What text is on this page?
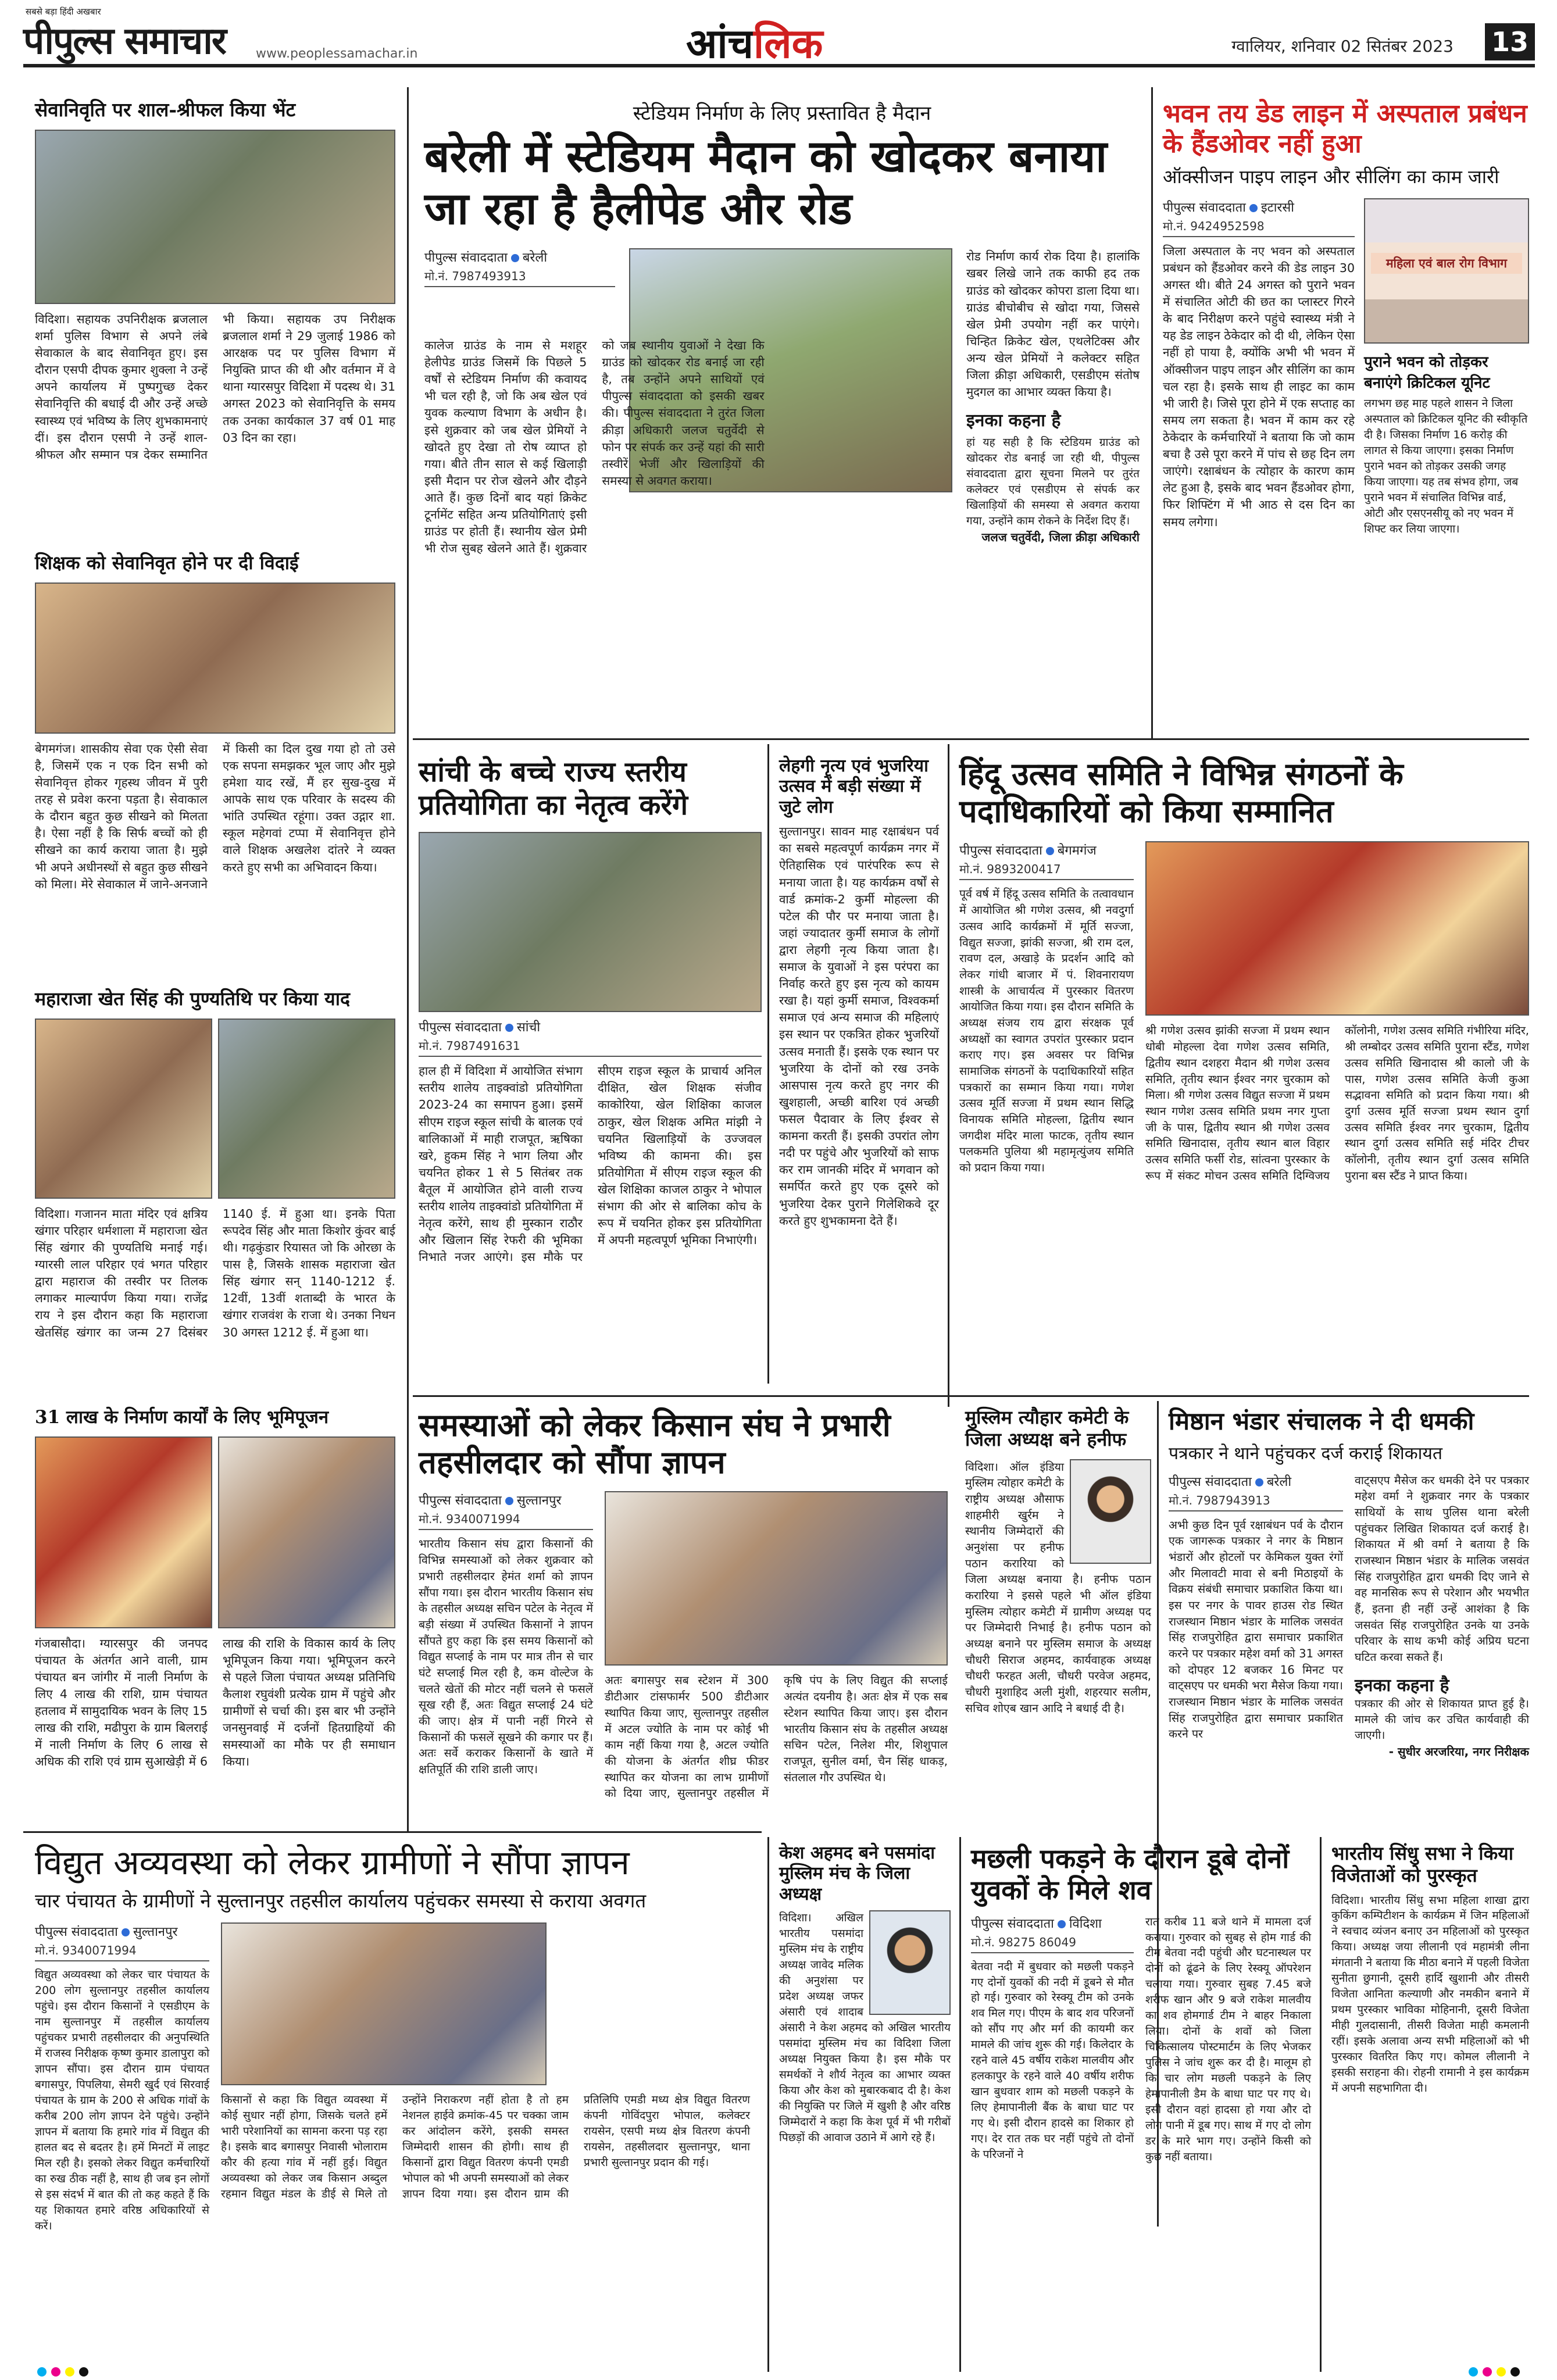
सबसे बड़ा हिंदी अखबार
पीपुल्स समाचार www.peoplessamachar.in	आंचलिक	ग्वालियर, शनिवार 02 सितंबर 2023 13
सेवानिवृति पर शाल-श्रीफल किया भेंट
विदिशा। सहायक उपनिरीक्षक ब्रजलाल शर्मा पुलिस विभाग से अपने लंबे सेवाकाल के बाद सेवानिवृत हुए। इस दौरान एसपी दीपक कुमार शुक्ला ने उन्हें अपने कार्यालय में पुष्पगुच्छ देकर सेवानिवृत्ति की बधाई दी और उन्हें अच्छे स्वास्थ्य एवं भविष्य के लिए शुभकामनाएं दीं। इस दौरान एसपी ने उन्हें शाल-श्रीफल और सम्मान पत्र देकर सम्मानित भी किया। सहायक उप निरीक्षक ब्रजलाल शर्मा ने 29 जुलाई 1986 को आरक्षक पद पर पुलिस विभाग में नियुक्ति प्राप्त की थी और वर्तमान में वे थाना ग्यारसपुर विदिशा में पदस्थ थे। 31 अगस्त 2023 को सेवानिवृत्ति के समय तक उनका कार्यकाल 37 वर्ष 01 माह 03 दिन का रहा।
शिक्षक को सेवानिवृत होने पर दी विदाई
बेगमगंज। शासकीय सेवा एक ऐसी सेवा है, जिसमें एक न एक दिन सभी को सेवानिवृत्त होकर गृहस्थ जीवन में पुरी तरह से प्रवेश करना पड़ता है। सेवाकाल के दौरान बहुत कुछ सीखने को मिलता है। ऐसा नहीं है कि सिर्फ बच्चों को ही सीखने का कार्य कराया जाता है। मुझे भी अपने अधीनस्थों से बहुत कुछ सीखने को मिला। मेरे सेवाकाल में जाने-अनजाने में किसी का दिल दुख गया हो तो उसे एक सपना समझकर भूल जाए और मुझे हमेशा याद रखें, मैं हर सुख-दुख में आपके साथ एक परिवार के सदस्य की भांति उपस्थित रहूंगा। उक्त उद्गार शा. स्कूल महेगवां टप्पा में सेवानिवृत्त होने वाले शिक्षक अखलेश दांतरे ने व्यक्त करते हुए सभी का अभिवादन किया।
महाराजा खेत सिंह की पुण्यतिथि पर किया याद
विदिशा। गजानन माता मंदिर एवं क्षत्रिय खंगार परिहार धर्मशाला में महाराजा खेत सिंह खंगार की पुण्यतिथि मनाई गई। ग्यारसी लाल परिहार एवं भगत परिहार द्वारा महाराज की तस्वीर पर तिलक लगाकर माल्यार्पण किया गया। राजेंद्र राय ने इस दौरान कहा कि महाराजा खेतसिंह खंगार का जन्म 27 दिसंबर 1140 ई. में हुआ था। इनके पिता रूपदेव सिंह और माता किशोर कुंवर बाई थी। गढ़कुंडार रियासत जो कि ओरछा के पास है, जिसके शासक महाराजा खेत सिंह खंगार सन् 1140-1212 ई. 12वीं, 13वीं शताब्दी के भारत के खंगार राजवंश के राजा थे। उनका निधन 30 अगस्त 1212 ई. में हुआ था।
31 लाख के निर्माण कार्यों के लिए भूमिपूजन
गंजबासौदा। ग्यारसपुर की जनपद पंचायत के अंतर्गत आने वाली, ग्राम पंचायत बन जांगीर में नाली निर्माण के लिए 4 लाख की राशि, ग्राम पंचायत हतलाव में सामुदायिक भवन के लिए 15 लाख की राशि, मढीपुरा के ग्राम बिलराई में नाली निर्माण के लिए 6 लाख से अधिक की राशि एवं ग्राम सुआखेड़ी में 6 लाख की राशि के विकास कार्य के लिए भूमिपूजन किया गया। भूमिपूजन करने से पहले जिला पंचायत अध्यक्ष प्रतिनिधि कैलाश रघुवंशी प्रत्येक ग्राम में पहुंचे और ग्रामीणों से चर्चा की। इस बार भी उन्होंने जनसुनवाई में दर्जनों हितग्राहियों की समस्याओं का मौके पर ही समाधान किया।
स्टेडियम निर्माण के लिए प्रस्तावित है मैदान
बरेली में स्टेडियम मैदान को खोदकर बनाया जा रहा है हैलीपेड और रोड
पीपुल्स संवाददाता बरेली
मो.नं. 7987493913
रोड निर्माण कार्य रोक दिया है। हालांकि खबर लिखे जाने तक काफी हद तक ग्राउंड को खोदकर कोपरा डाला दिया था। ग्राउंड बीचोबीच से खोदा गया, जिससे खेल प्रेमी उपयोग नहीं कर पाएंगे। चिन्हित क्रिकेट खेल, एथलेटिक्स और अन्य खेल प्रेमियों ने कलेक्टर सहित जिला क्रीड़ा अधिकारी, एसडीएम संतोष मुदगल का आभार व्यक्त किया है।
इनका कहना है
हां यह सही है कि स्टेडियम ग्राउंड को खोदकर रोड बनाई जा रही थी, पीपुल्स संवाददाता द्वारा सूचना मिलने पर तुरंत कलेक्टर एवं एसडीएम से संपर्क कर खिलाड़ियों की समस्या से अवगत कराया गया, उन्होंने काम रोकने के निर्देश दिए हैं।
जलज चतुर्वेदी, जिला क्रीड़ा अधिकारी
कालेज ग्राउंड के नाम से मशहूर हेलीपेड ग्राउंड जिसमें कि पिछले 5 वर्षों से स्टेडियम निर्माण की कवायद भी चल रही है, जो कि अब खेल एवं युवक कल्याण विभाग के अधीन है। इसे शुक्रवार को जब खेल प्रेमियों ने खोदते हुए देखा तो रोष व्याप्त हो गया। बीते तीन साल से कई खिलाड़ी इसी मैदान पर रोज खेलने और दौड़ने आते हैं। कुछ दिनों बाद यहां क्रिकेट टूर्नामेंट सहित अन्य प्रतियोगिताएं इसी ग्राउंड पर होती हैं। स्थानीय खेल प्रेमी भी रोज सुबह खेलने आते हैं। शुक्रवार को जब स्थानीय युवाओं ने देखा कि ग्राउंड को खोदकर रोड बनाई जा रही है, तब उन्होंने अपने साथियों एवं पीपुल्स संवाददाता को इसकी खबर की। पीपुल्स संवाददाता ने तुरंत जिला क्रीड़ा अधिकारी जलज चतुर्वेदी से फोन पर संपर्क कर उन्हें यहां की सारी तस्वीरें भेजीं और खिलाड़ियों की समस्या से अवगत कराया।
भवन तय डेड लाइन में अस्पताल प्रबंधन के हैंडओवर नहीं हुआ
ऑक्सीजन पाइप लाइन और सीलिंग का काम जारी
पीपुल्स संवाददाता इटारसी
मो.नं. 9424952598
जिला अस्पताल के नए भवन को अस्पताल प्रबंधन को हैंडओवर करने की डेड लाइन 30 अगस्त थी। बीते 24 अगस्त को पुराने भवन में संचालित ओटी की छत का प्लास्टर गिरने के बाद निरीक्षण करने पहुंचे स्वास्थ्य मंत्री ने यह डेड लाइन ठेकेदार को दी थी, लेकिन ऐसा नहीं हो पाया है, क्योंकि अभी भी भवन में ऑक्सीजन पाइप लाइन और सीलिंग का काम चल रहा है। इसके साथ ही लाइट का काम भी जारी है। जिसे पूरा होने में एक सप्ताह का समय लग सकता है। भवन में काम कर रहे ठेकेदार के कर्मचारियों ने बताया कि जो काम बचा है उसे पूरा करने में पांच से छह दिन लग जाएंगे। रक्षाबंधन के त्योहार के कारण काम लेट हुआ है, इसके बाद भवन हैंडओवर होगा, फिर शिफ्टिंग में भी आठ से दस दिन का समय लगेगा।
महिला एवं बाल रोग विभाग
पुराने भवन को तोड़कर बनाएंगे क्रिटिकल यूनिट
लगभग छह माह पहले शासन ने जिला अस्पताल को क्रिटिकल यूनिट की स्वीकृति दी है। जिसका निर्माण 16 करोड़ की लागत से किया जाएगा। इसका निर्माण पुराने भवन को तोड़कर उसकी जगह किया जाएगा। यह तब संभव होगा, जब पुराने भवन में संचालित विभिन्न वार्ड, ओटी और एसएनसीयू को नए भवन में शिफ्ट कर लिया जाएगा।
सांची के बच्चे राज्य स्तरीय प्रतियोगिता का नेतृत्व करेंगे
पीपुल्स संवाददाता सांची
मो.नं. 7987491631
हाल ही में विदिशा में आयोजित संभाग स्तरीय शालेय ताइक्वांडो प्रतियोगिता 2023-24 का समापन हुआ। इसमें सीएम राइज स्कूल सांची के बालक एवं बालिकाओं में माही राजपूत, ऋषिका खरे, हुकम सिंह ने भाग लिया और चयनित होकर 1 से 5 सितंबर तक बैतूल में आयोजित होने वाली राज्य स्तरीय शालेय ताइक्वांडो प्रतियोगिता में नेतृत्व करेंगे, साथ ही मुस्कान राठौर और खिलान सिंह रेफरी की भूमिका निभाते नजर आएंगे। इस मौके पर सीएम राइज स्कूल के प्राचार्य अनिल दीक्षित, खेल शिक्षक संजीव काकोरिया, खेल शिक्षिका काजल ठाकुर, खेल शिक्षक अमित मांझी ने चयनित खिलाड़ियों के उज्जवल भविष्य की कामना की। इस प्रतियोगिता में सीएम राइज स्कूल की खेल शिक्षिका काजल ठाकुर ने भोपाल संभाग की ओर से बालिका कोच के रूप में चयनित होकर इस प्रतियोगिता में अपनी महत्वपूर्ण भूमिका निभाएंगी।
लेहगी नृत्य एवं भुजरिया उत्सव में बड़ी संख्या में जुटे लोग
सुल्तानपुर। सावन माह रक्षाबंधन पर्व का सबसे महत्वपूर्ण कार्यक्रम नगर में ऐतिहासिक एवं पारंपरिक रूप से मनाया जाता है। यह कार्यक्रम वर्षों से वार्ड क्रमांक-2 कुर्मी मोहल्ला की पटेल की पौर पर मनाया जाता है। जहां ज्यादातर कुर्मी समाज के लोगों द्वारा लेहगी नृत्य किया जाता है। समाज के युवाओं ने इस परंपरा का निर्वाह करते हुए इस नृत्य को कायम रखा है। यहां कुर्मी समाज, विश्वकर्मा समाज एवं अन्य समाज की महिलाएं इस स्थान पर एकत्रित होकर भुजरियों उत्सव मनाती हैं। इसके एक स्थान पर भुजरिया के दोनों को रख उनके आसपास नृत्य करते हुए नगर की खुशहाली, अच्छी बारिश एवं अच्छी फसल पैदावार के लिए ईश्वर से कामना करती हैं। इसकी उपरांत लोग नदी पर पहुंचे और भुजरियों को साफ कर राम जानकी मंदिर में भगवान को समर्पित करते हुए एक दूसरे को भुजरिया देकर पुराने गिलेशिकवे दूर करते हुए शुभकामना देते हैं।
हिंदू उत्सव समिति ने विभिन्न संगठनों के पदाधिकारियों को किया सम्मानित
पीपुल्स संवाददाता बेगमगंज
मो.नं. 9893200417
पूर्व वर्ष में हिंदू उत्सव समिति के तत्वावधान में आयोजित श्री गणेश उत्सव, श्री नवदुर्गा उत्सव आदि कार्यक्रमों में मूर्ति सज्जा, विद्युत सज्जा, झांकी सज्जा, श्री राम दल, रावण दल, अखाड़े के प्रदर्शन आदि को लेकर गांधी बाजार में पं. शिवनारायण शास्त्री के आचार्यत्व में पुरस्कार वितरण आयोजित किया गया। इस दौरान समिति के अध्यक्ष संजय राय द्वारा संरक्षक पूर्व अध्यक्षों का स्वागत उपरांत पुरस्कार प्रदान कराए गए। इस अवसर पर विभिन्न सामाजिक संगठनों के पदाधिकारियों सहित पत्रकारों का सम्मान किया गया। गणेश उत्सव मूर्ति सज्जा में प्रथम स्थान सिद्धि विनायक समिति मोहल्ला, द्वितीय स्थान जगदीश मंदिर माला फाटक, तृतीय स्थान पलकमति पुलिया श्री महामृत्युंजय समिति को प्रदान किया गया।
श्री गणेश उत्सव झांकी सज्जा में प्रथम स्थान धोबी मोहल्ला देवा गणेश उत्सव समिति, द्वितीय स्थान दशहरा मैदान श्री गणेश उत्सव समिति, तृतीय स्थान ईश्वर नगर चुरकाम को मिला। श्री गणेश उत्सव विद्युत सज्जा में प्रथम स्थान गणेश उत्सव समिति प्रथम नगर गुप्ता जी के पास, द्वितीय स्थान श्री गणेश उत्सव समिति खिनादास, तृतीय स्थान बाल विहार उत्सव समिति फर्सी रोड, सांत्वना पुरस्कार के रूप में संकट मोचन उत्सव समिति दिग्विजय कॉलोनी, गणेश उत्सव समिति गंभीरिया मंदिर, श्री लम्बोदर उत्सव समिति पुराना स्टैंड, गणेश उत्सव समिति खिनादास श्री कालो जी के पास, गणेश उत्सव समिति केजी कुआ सद्भावना समिति को प्रदान किया गया। श्री दुर्गा उत्सव मूर्ति सज्जा प्रथम स्थान दुर्गा उत्सव समिति ईश्वर नगर चुरकाम, द्वितीय स्थान दुर्गा उत्सव समिति सई मंदिर टीचर कॉलोनी, तृतीय स्थान दुर्गा उत्सव समिति पुराना बस स्टैंड ने प्राप्त किया।
समस्याओं को लेकर किसान संघ ने प्रभारी तहसीलदार को सौंपा ज्ञापन
पीपुल्स संवाददाता सुल्तानपुर
मो.नं. 9340071994
भारतीय किसान संघ द्वारा किसानों की विभिन्न समस्याओं को लेकर शुक्रवार को प्रभारी तहसीलदार हेमंत शर्मा को ज्ञापन सौंपा गया। इस दौरान भारतीय किसान संघ के तहसील अध्यक्ष सचिन पटेल के नेतृत्व में बड़ी संख्या में उपस्थित किसानों ने ज्ञापन सौंपते हुए कहा कि इस समय किसानों को विद्युत सप्लाई के नाम पर मात्र तीन से चार घंटे सप्लाई मिल रही है, कम वोल्टेज के चलते खेतों की मोटर नहीं चलने से फसलें सूख रही हैं, अतः विद्युत सप्लाई 24 घंटे की जाए। क्षेत्र में पानी नहीं गिरने से किसानों की फसलें सूखने की कगार पर हैं। अतः सर्वे कराकर किसानों के खाते में क्षतिपूर्ति की राशि डाली जाए।
अतः बगासपुर सब स्टेशन में 300 डीटीआर टांसफार्मर 500 डीटीआर स्थापित किया जाए, सुल्तानपुर तहसील में अटल ज्योति के नाम पर कोई भी काम नहीं किया गया है, अटल ज्योति की योजना के अंतर्गत शीघ्र फीडर स्थापित कर योजना का लाभ ग्रामीणों को दिया जाए, सुल्तानपुर तहसील में कृषि पंप के लिए विद्युत की सप्लाई अत्यंत दयनीय है। अतः क्षेत्र में एक सब स्टेशन स्थापित किया जाए। इस दौरान भारतीय किसान संघ के तहसील अध्यक्ष सचिन पटेल, निलेश मीर, शिशुपाल राजपूत, सुनील वर्मा, चैन सिंह धाकड़, संतलाल गौर उपस्थित थे।
मुस्लिम त्यौहार कमेटी के जिला अध्यक्ष बने हनीफ
विदिशा। ऑल इंडिया मुस्लिम त्योहार कमेटी के राष्ट्रीय अध्यक्ष औसाफ शाहमीरी खुर्रम ने स्थानीय जिम्मेदारों की अनुशंसा पर हनीफ पठान करारिया को जिला अध्यक्ष बनाया है। हनीफ पठान करारिया ने इससे पहले भी ऑल इंडिया मुस्लिम त्योहार कमेटी में ग्रामीण अध्यक्ष पद पर जिम्मेदारी निभाई है। हनीफ पठान को अध्यक्ष बनाने पर मुस्लिम समाज के अध्यक्ष चौधरी सिराज अहमद, कार्यवाहक अध्यक्ष चौधरी फरहत अली, चौधरी परवेज अहमद, चौधरी मुशाहिद अली मुंशी, शहरयार सलीम, सचिव शोएब खान आदि ने बधाई दी है।
मिष्ठान भंडार संचालक ने दी धमकी
पत्रकार ने थाने पहुंचकर दर्ज कराई शिकायत
पीपुल्स संवाददाता बरेली
मो.नं. 7987943913
अभी कुछ दिन पूर्व रक्षाबंधन पर्व के दौरान एक जागरूक पत्रकार ने नगर के मिष्ठान भंडारों और होटलों पर केमिकल युक्त रंगों और मिलावटी मावा से बनी मिठाइयों के विक्रय संबंधी समाचार प्रकाशित किया था। इस पर नगर के पावर हाउस रोड स्थित राजस्थान मिष्ठान भंडार के मालिक जसवंत सिंह राजपुरोहित द्वारा समाचार प्रकाशित करने पर पत्रकार महेश वर्मा को 31 अगस्त को दोपहर 12 बजकर 16 मिनट पर वाट्सएप पर धमकी भरा मैसेज किया गया। राजस्थान मिष्ठान भंडार के मालिक जसवंत सिंह राजपुरोहित द्वारा समाचार प्रकाशित करने पर
वाट्सएप मैसेज कर धमकी देने पर पत्रकार महेश वर्मा ने शुक्रवार नगर के पत्रकार साथियों के साथ पुलिस थाना बरेली पहुंचकर लिखित शिकायत दर्ज कराई है। शिकायत में श्री वर्मा ने बताया है कि राजस्थान मिष्ठान भंडार के मालिक जसवंत सिंह राजपुरोहित द्वारा धमकी दिए जाने से वह मानसिक रूप से परेशान और भयभीत हैं, इतना ही नहीं उन्हें आशंका है कि जसवंत सिंह राजपुरोहित उनके या उनके परिवार के साथ कभी कोई अप्रिय घटना घटित करवा सकते हैं।
इनका कहना है
पत्रकार की ओर से शिकायत प्राप्त हुई है। मामले की जांच कर उचित कार्यवाही की जाएगी।
- सुधीर अरजरिया, नगर निरीक्षक
विद्युत अव्यवस्था को लेकर ग्रामीणों ने सौंपा ज्ञापन
चार पंचायत के ग्रामीणों ने सुल्तानपुर तहसील कार्यालय पहुंचकर समस्या से कराया अवगत
पीपुल्स संवाददाता सुल्तानपुर
मो.नं. 9340071994
विद्युत अव्यवस्था को लेकर चार पंचायत के 200 लोग सुल्तानपुर तहसील कार्यालय पहुंचे। इस दौरान किसानों ने एसडीएम के नाम सुल्तानपुर में तहसील कार्यालय पहुंचकर प्रभारी तहसीलदार की अनुपस्थिति में राजस्व निरीक्षक कृष्ण कुमार डालापुरा को ज्ञापन सौंपा। इस दौरान ग्राम पंचायत बगासपुर, पिपलिया, सेमरी खुर्द एवं सिरवाई पंचायत के ग्राम के 200 से अधिक गांवों के करीब 200 लोग ज्ञापन देने पहुंचे। उन्होंने ज्ञापन में बताया कि हमारे गांव में विद्युत की हालत बद से बदतर है। हमें मिनटों में लाइट मिल रही है। इसको लेकर विद्युत कर्मचारियों का रुख ठीक नहीं है, साथ ही जब इन लोगों से इस संदर्भ में बात की तो कह कहते हैं कि यह शिकायत हमारे वरिष्ठ अधिकारियों से करें।
किसानों से कहा कि विद्युत व्यवस्था में कोई सुधार नहीं होगा, जिसके चलते हमें भारी परेशानियों का सामना करना पड़ रहा है। इसके बाद बगासपुर निवासी भोलाराम कौर की हत्या गांव में नहीं हुई। विद्युत अव्यवस्था को लेकर जब किसान अब्दुल रहमान विद्युत मंडल के डीई से मिले तो उन्होंने निराकरण नहीं होता है तो हम नेशनल हाईवे क्रमांक-45 पर चक्का जाम कर आंदोलन करेंगे, इसकी समस्त जिम्मेदारी शासन की होगी। साथ ही किसानों द्वारा विद्युत वितरण कंपनी एमडी भोपाल को भी अपनी समस्याओं को लेकर ज्ञापन दिया गया। इस दौरान ग्राम की प्रतिलिपि एमडी मध्य क्षेत्र विद्युत वितरण कंपनी गोविंदपुरा भोपाल, कलेक्टर रायसेन, एसपी मध्य क्षेत्र वितरण कंपनी रायसेन, तहसीलदार सुल्तानपुर, थाना प्रभारी सुल्तानपुर प्रदान की गई।
केश अहमद बने पसमांदा मुस्लिम मंच के जिला अध्यक्ष
विदिशा। अखिल भारतीय पसमांदा मुस्लिम मंच के राष्ट्रीय अध्यक्ष जावेद मलिक की अनुशंसा पर प्रदेश अध्यक्ष जफर अंसारी एवं शादाब अंसारी ने केश अहमद को अखिल भारतीय पसमांदा मुस्लिम मंच का विदिशा जिला अध्यक्ष नियुक्त किया है। इस मौके पर समर्थकों ने शौर्य नेतृत्व का आभार व्यक्त किया और केश को मुबारकबाद दी है। केश की नियुक्ति पर जिले में खुशी है और वरिष्ठ जिम्मेदारों ने कहा कि केश पूर्व में भी गरीबों पिछड़ों की आवाज उठाने में आगे रहे हैं।
मछली पकड़ने के दौरान डूबे दोनों युवकों के मिले शव
पीपुल्स संवाददाता विदिशा
मो.नं. 98275 86049
बेतवा नदी में बुधवार को मछली पकड़ने गए दोनों युवकों की नदी में डूबने से मौत हो गई। गुरुवार को रेस्क्यू टीम को उनके शव मिल गए। पीएम के बाद शव परिजनों को सौंप गए और मर्ग की कायमी कर मामले की जांच शुरू की गई। किलेदार के रहने वाले 45 वर्षीय राकेश मालवीय और हलकापुर के रहने वाले 40 वर्षीय शरीफ खान बुधवार शाम को मछली पकड़ने के लिए हेमापानीली बैंक के बाधा घाट पर गए थे। इसी दौरान हादसे का शिकार हो गए। देर रात तक घर नहीं पहुंचे तो दोनों के परिजनों ने
रात करीब 11 बजे थाने में मामला दर्ज कराया। गुरुवार को सुबह से होम गार्ड की टीम बेतवा नदी पहुंची और घटनास्थल पर दोनों को ढूंढने के लिए रेस्क्यू ऑपरेशन चलाया गया। गुरुवार सुबह 7.45 बजे शरीफ खान और 9 बजे राकेश मालवीय का शव होमगार्ड टीम ने बाहर निकाला लिया। दोनों के शवों को जिला चिकित्सालय पोस्टमार्टम के लिए भेजकर पुलिस ने जांच शुरू कर दी है। मालूम हो कि चार लोग मछली पकड़ने के लिए हेमापानीली डैम के बाधा घाट पर गए थे। इसी दौरान वहां हादसा हो गया और दो लोग पानी में डूब गए। साथ में गए दो लोग डर के मारे भाग गए। उन्होंने किसी को कुछ नहीं बताया।
भारतीय सिंधु सभा ने किया विजेताओं को पुरस्कृत
विदिशा। भारतीय सिंधु सभा महिला शाखा द्वारा कुकिंग कम्पिटीशन के कार्यक्रम में जिन महिलाओं ने स्वचाद व्यंजन बनाए उन महिलाओं को पुरस्कृत किया। अध्यक्ष जया लीलानी एवं महामंत्री लीना मंगतानी ने बताया कि मीठा बनाने में पहली विजेता सुनीता छुगानी, दूसरी हार्दि खुशानी और तीसरी विजेता आनिता कल्याणी और नमकीन बनाने में प्रथम पुरस्कार भाविका मोहिनानी, दूसरी विजेता मीही गुलदासानी, तीसरी विजेता माही कमलानी रहीं। इसके अलावा अन्य सभी महिलाओं को भी पुरस्कार वितरित किए गए। कोमल लीलानी ने इसकी सराहना की। रोहनी रामानी ने इस कार्यक्रम में अपनी सहभागिता दी।
